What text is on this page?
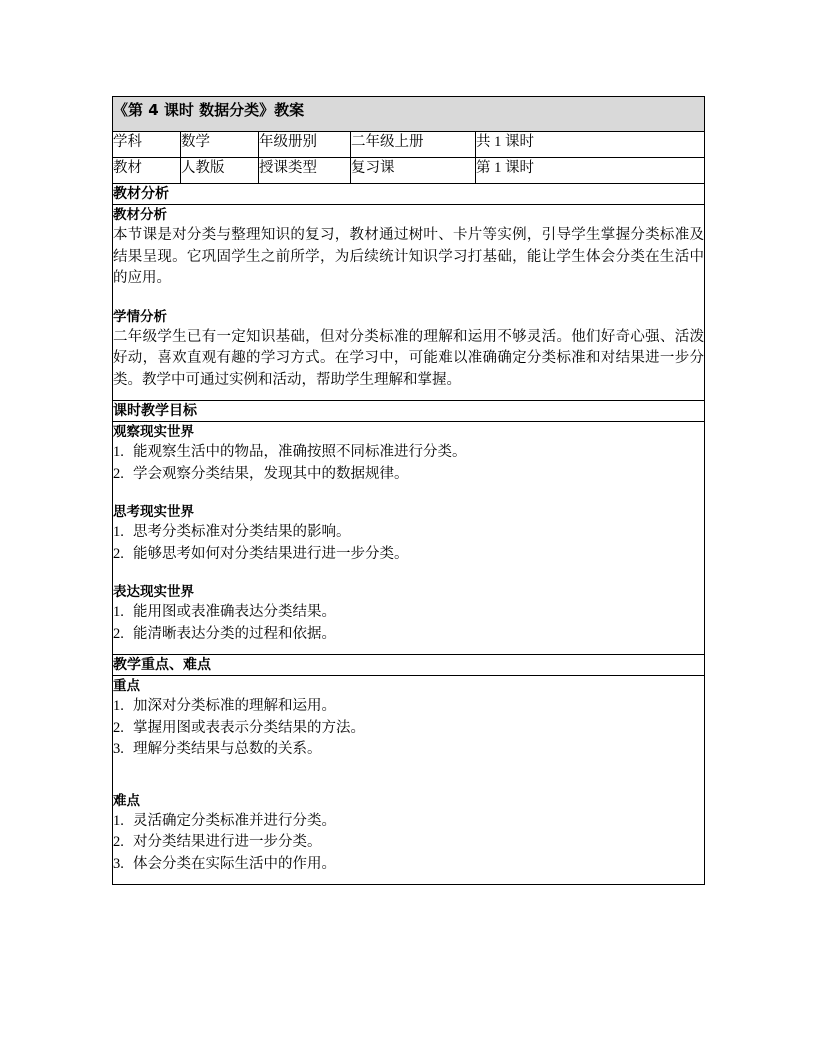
《第 4 课时 数据分类》教案				

学科	数学	年级册别	二年级上册	共 1 课时
教材	人教版	授课类型	复习课	第 1 课时

教材分析				

教材分析

本节课是对分类与整理知识的复习，教材通过树叶、卡片等实例，引导学生掌握分类标准及结果呈现。它巩固学生之前所学，为后续统计知识学习打基础，能让学生体会分类在生活中的应用。

学情分析

二年级学生已有一定知识基础，但对分类标准的理解和运用不够灵活。他们好奇心强、活泼好动，喜欢直观有趣的学习方式。在学习中，可能难以准确确定分类标准和对结果进一步分类。教学中可通过实例和活动，帮助学生理解和掌握。				

课时教学目标				

观察现实世界
1. 能观察生活中的物品，准确按照不同标准进行分类。
2. 学会观察分类结果，发现其中的数据规律。

思考现实世界
1. 思考分类标准对分类结果的影响。
2. 能够思考如何对分类结果进行进一步分类。

表达现实世界
1. 能用图或表准确表达分类结果。
2. 能清晰表达分类的过程和依据。

教学重点、难点				

重点
1. 加深对分类标准的理解和运用。
2. 掌握用图或表表示分类结果的方法。
3. 理解分类结果与总数的关系。

难点
1. 灵活确定分类标准并进行分类。
2. 对分类结果进行进一步分类。
3. 体会分类在实际生活中的作用。
